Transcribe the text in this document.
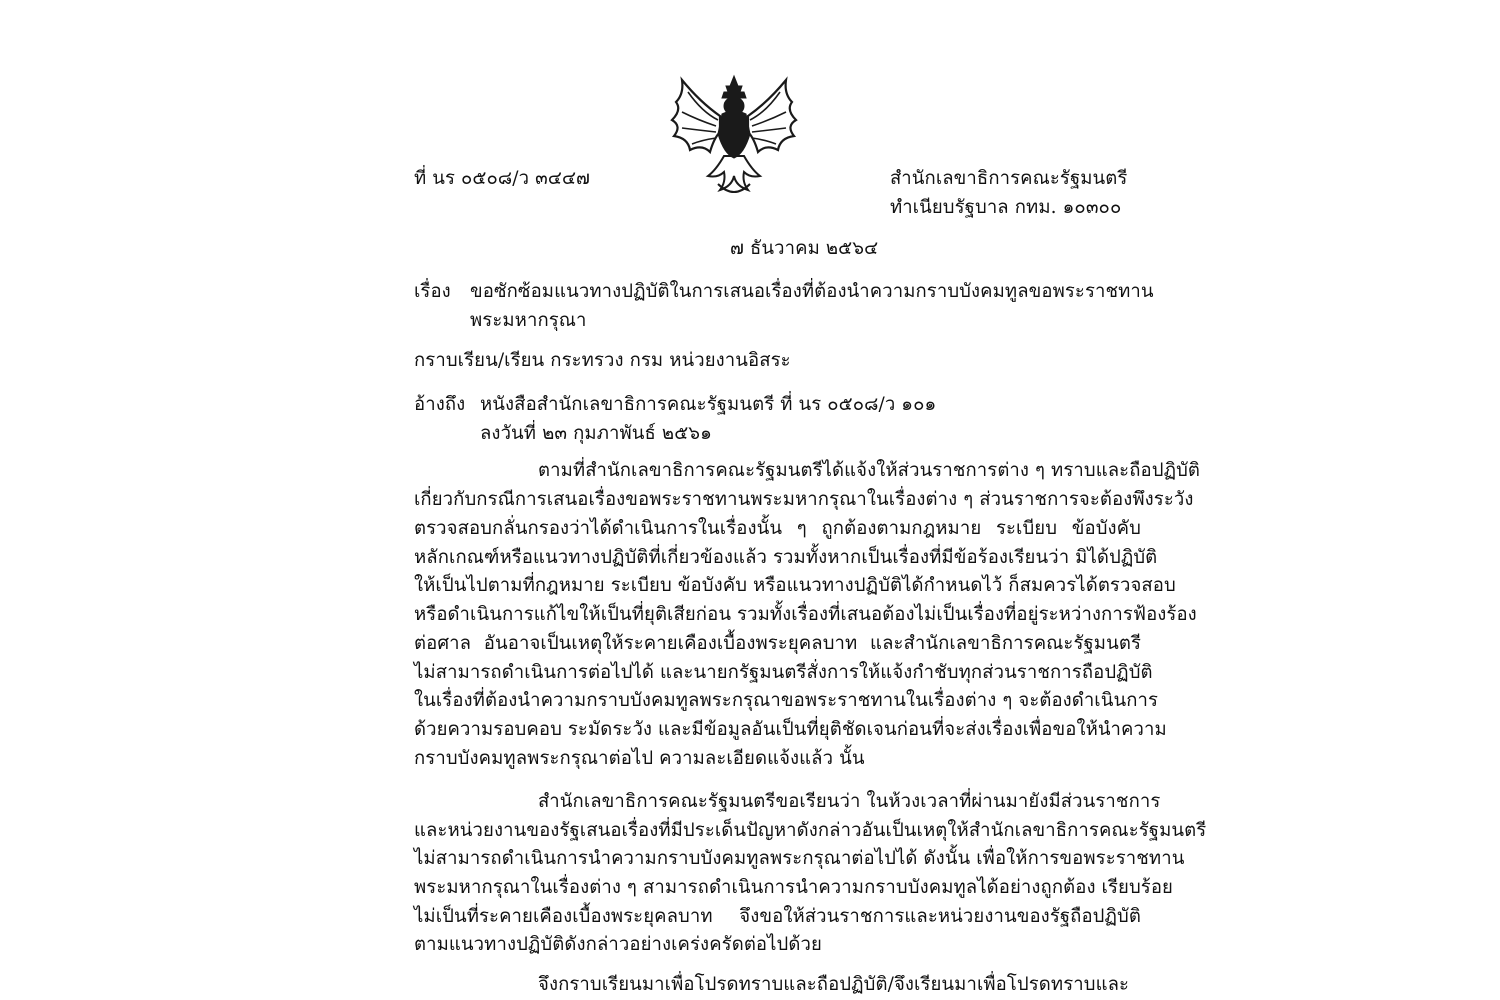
ที่ นร ๐๕๐๘/ว ๓๔๔๗	สำนักเลขาธิการคณะรัฐมนตรี
ทำเนียบรัฐบาล กทม. ๑๐๓๐๐
๗ ธันวาคม ๒๕๖๔
เรื่อง ขอซักซ้อมแนวทางปฏิบัติในการเสนอเรื่องที่ต้องนำความกราบบังคมทูลขอพระราชทาน
พระมหากรุณา
กราบเรียน/เรียน กระทรวง กรม หน่วยงานอิสระ
อ้างถึง หนังสือสำนักเลขาธิการคณะรัฐมนตรี ที่ นร ๐๕๐๘/ว ๑๐๑
ลงวันที่ ๒๓ กุมภาพันธ์ ๒๕๖๑
ตามที่สำนักเลขาธิการคณะรัฐมนตรีได้แจ้งให้ส่วนราชการต่าง ๆ ทราบและถือปฏิบัติ
เกี่ยวกับกรณีการเสนอเรื่องขอพระราชทานพระมหากรุณาในเรื่องต่าง ๆ ส่วนราชการจะต้องพึงระวัง
ตรวจสอบกลั่นกรองว่าได้ดำเนินการในเรื่องนั้น ๆ ถูกต้องตามกฎหมาย ระเบียบ ข้อบังคับ
หลักเกณฑ์หรือแนวทางปฏิบัติที่เกี่ยวข้องแล้ว รวมทั้งหากเป็นเรื่องที่มีข้อร้องเรียนว่า มิได้ปฏิบัติ
ให้เป็นไปตามที่กฎหมาย ระเบียบ ข้อบังคับ หรือแนวทางปฏิบัติได้กำหนดไว้ ก็สมควรได้ตรวจสอบ
หรือดำเนินการแก้ไขให้เป็นที่ยุติเสียก่อน รวมทั้งเรื่องที่เสนอต้องไม่เป็นเรื่องที่อยู่ระหว่างการฟ้องร้อง
ต่อศาล อันอาจเป็นเหตุให้ระคายเคืองเบื้องพระยุคลบาท และสำนักเลขาธิการคณะรัฐมนตรี
ไม่สามารถดำเนินการต่อไปได้ และนายกรัฐมนตรีสั่งการให้แจ้งกำชับทุกส่วนราชการถือปฏิบัติ
ในเรื่องที่ต้องนำความกราบบังคมทูลพระกรุณาขอพระราชทานในเรื่องต่าง ๆ จะต้องดำเนินการ
ด้วยความรอบคอบ ระมัดระวัง และมีข้อมูลอันเป็นที่ยุติชัดเจนก่อนที่จะส่งเรื่องเพื่อขอให้นำความ
กราบบังคมทูลพระกรุณาต่อไป ความละเอียดแจ้งแล้ว นั้น
สำนักเลขาธิการคณะรัฐมนตรีขอเรียนว่า ในห้วงเวลาที่ผ่านมายังมีส่วนราชการ
และหน่วยงานของรัฐเสนอเรื่องที่มีประเด็นปัญหาดังกล่าวอันเป็นเหตุให้สำนักเลขาธิการคณะรัฐมนตรี
ไม่สามารถดำเนินการนำความกราบบังคมทูลพระกรุณาต่อไปได้ ดังนั้น เพื่อให้การขอพระราชทาน
พระมหากรุณาในเรื่องต่าง ๆ สามารถดำเนินการนำความกราบบังคมทูลได้อย่างถูกต้อง เรียบร้อย
ไม่เป็นที่ระคายเคืองเบื้องพระยุคลบาท จึงขอให้ส่วนราชการและหน่วยงานของรัฐถือปฏิบัติ
ตามแนวทางปฏิบัติดังกล่าวอย่างเคร่งครัดต่อไปด้วย
จึงกราบเรียนมาเพื่อโปรดทราบและถือปฏิบัติ/จึงเรียนมาเพื่อโปรดทราบและ
